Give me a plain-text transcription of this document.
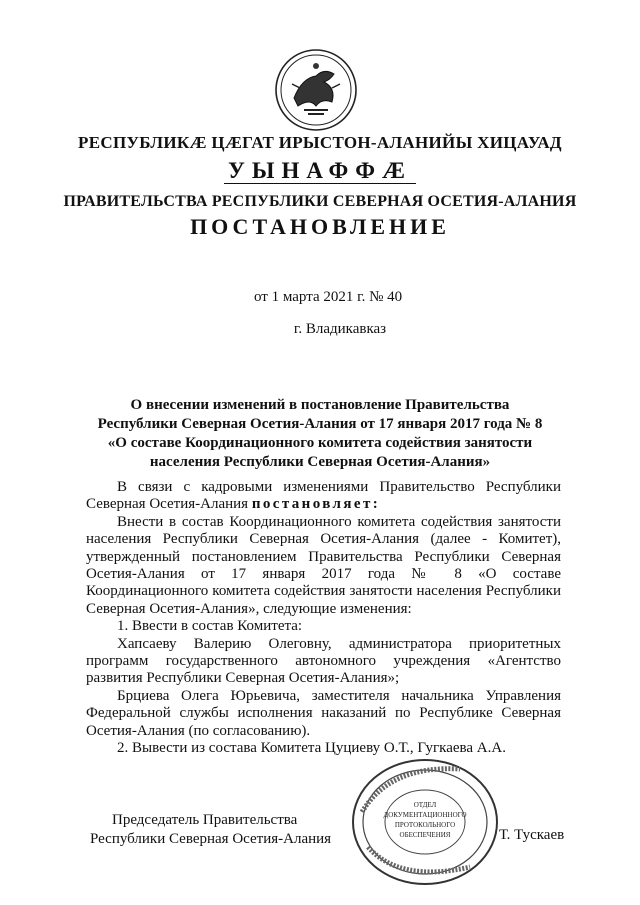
РЕСПУБЛИКӔ ЦӔГАТ ИРЫСТОН-АЛАНИЙЫ ХИЦАУАД
УЫНАФФӔ
ПРАВИТЕЛЬСТВА РЕСПУБЛИКИ СЕВЕРНАЯ ОСЕТИЯ-АЛАНИЯ
ПОСТАНОВЛЕНИЕ
от 1 марта 2021 г. № 40
г. Владикавказ
О внесении изменений в постановление Правительства
Республики Северная Осетия-Алания от 17 января 2017 года № 8
«О составе Координационного комитета содействия занятости
населения Республики Северная Осетия-Алания»

В связи с кадровыми изменениями Правительство Республики Северная Осетия-Алания постановляет:

Внести в состав Координационного комитета содействия занятости населения Республики Северная Осетия-Алания (далее - Комитет), утвержденный постановлением Правительства Республики Северная Осетия-Алания от 17 января 2017 года № 8 «О составе Координационного комитета содействия занятости населения Республики Северная Осетия-Алания», следующие изменения:

1. Ввести в состав Комитета:

Хапсаеву Валерию Олеговну, администратора приоритетных программ государственного автономного учреждения «Агентство развития Республики Северная Осетия-Алания»;

Брциева Олега Юрьевича, заместителя начальника Управления Федеральной службы исполнения наказаний по Республике Северная Осетия-Алания (по согласованию).

2. Вывести из состава Комитета Цуциеву О.Т., Гугкаева А.А.

Председатель Правительства
Республики Северная Осетия-Алания
ОТДЕЛ
ДОКУМЕНТАЦИОННОГО
ПРОТОКОЛЬНОГО
ОБЕСПЕЧЕНИЯ	Т. Тускаев
